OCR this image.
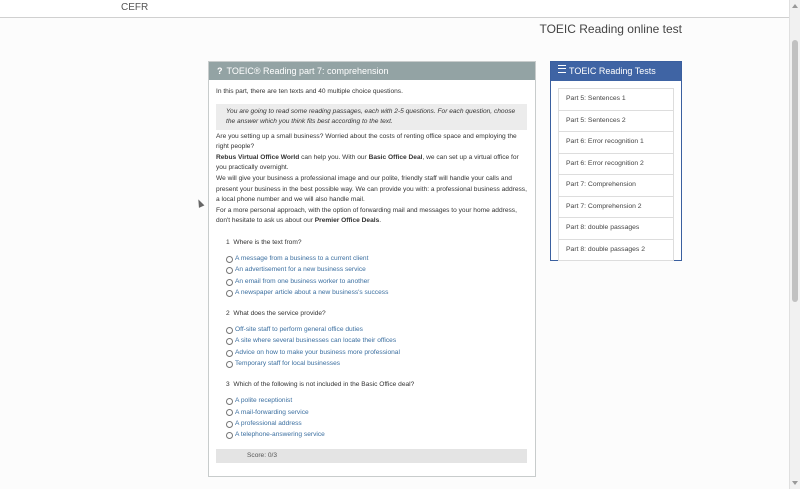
CEFR
TOEIC Reading online test
? TOEIC® Reading part 7: comprehension
In this part, there are ten texts and 40 multiple choice questions.
You are going to read some reading passages, each with 2-5 questions. For each question, choose the answer which you think fits best according to the text.

Are you setting up a small business? Worried about the costs of renting office space and employing the right people?

Rebus Virtual Office World can help you. With our Basic Office Deal, we can set up a virtual office for you practically overnight.

We will give your business a professional image and our polite, friendly staff will handle your calls and present your business in the best possible way. We can provide you with: a professional business address, a local phone number and we will also handle mail.

For a more personal approach, with the option of forwarding mail and messages to your home address, don't hesitate to ask us about our Premier Office Deals.

1 Where is the text from?
A message from a business to a current client
An advertisement for a new business service
An email from one business worker to another
A newspaper article about a new business's success
2 What does the service provide?
Off-site staff to perform general office duties
A site where several businesses can locate their offices
Advice on how to make your business more professional
Temporary staff for local businesses
3 Which of the following is not included in the Basic Office deal?
A polite receptionist
A mail-forwarding service
A professional address
A telephone-answering service
Score: 0/3
TOEIC Reading Tests
Part 5: Sentences 1
Part 5: Sentences 2
Part 6: Error recognition 1
Part 6: Error recognition 2
Part 7: Comprehension
Part 7: Comprehension 2
Part 8: double passages
Part 8: double passages 2
